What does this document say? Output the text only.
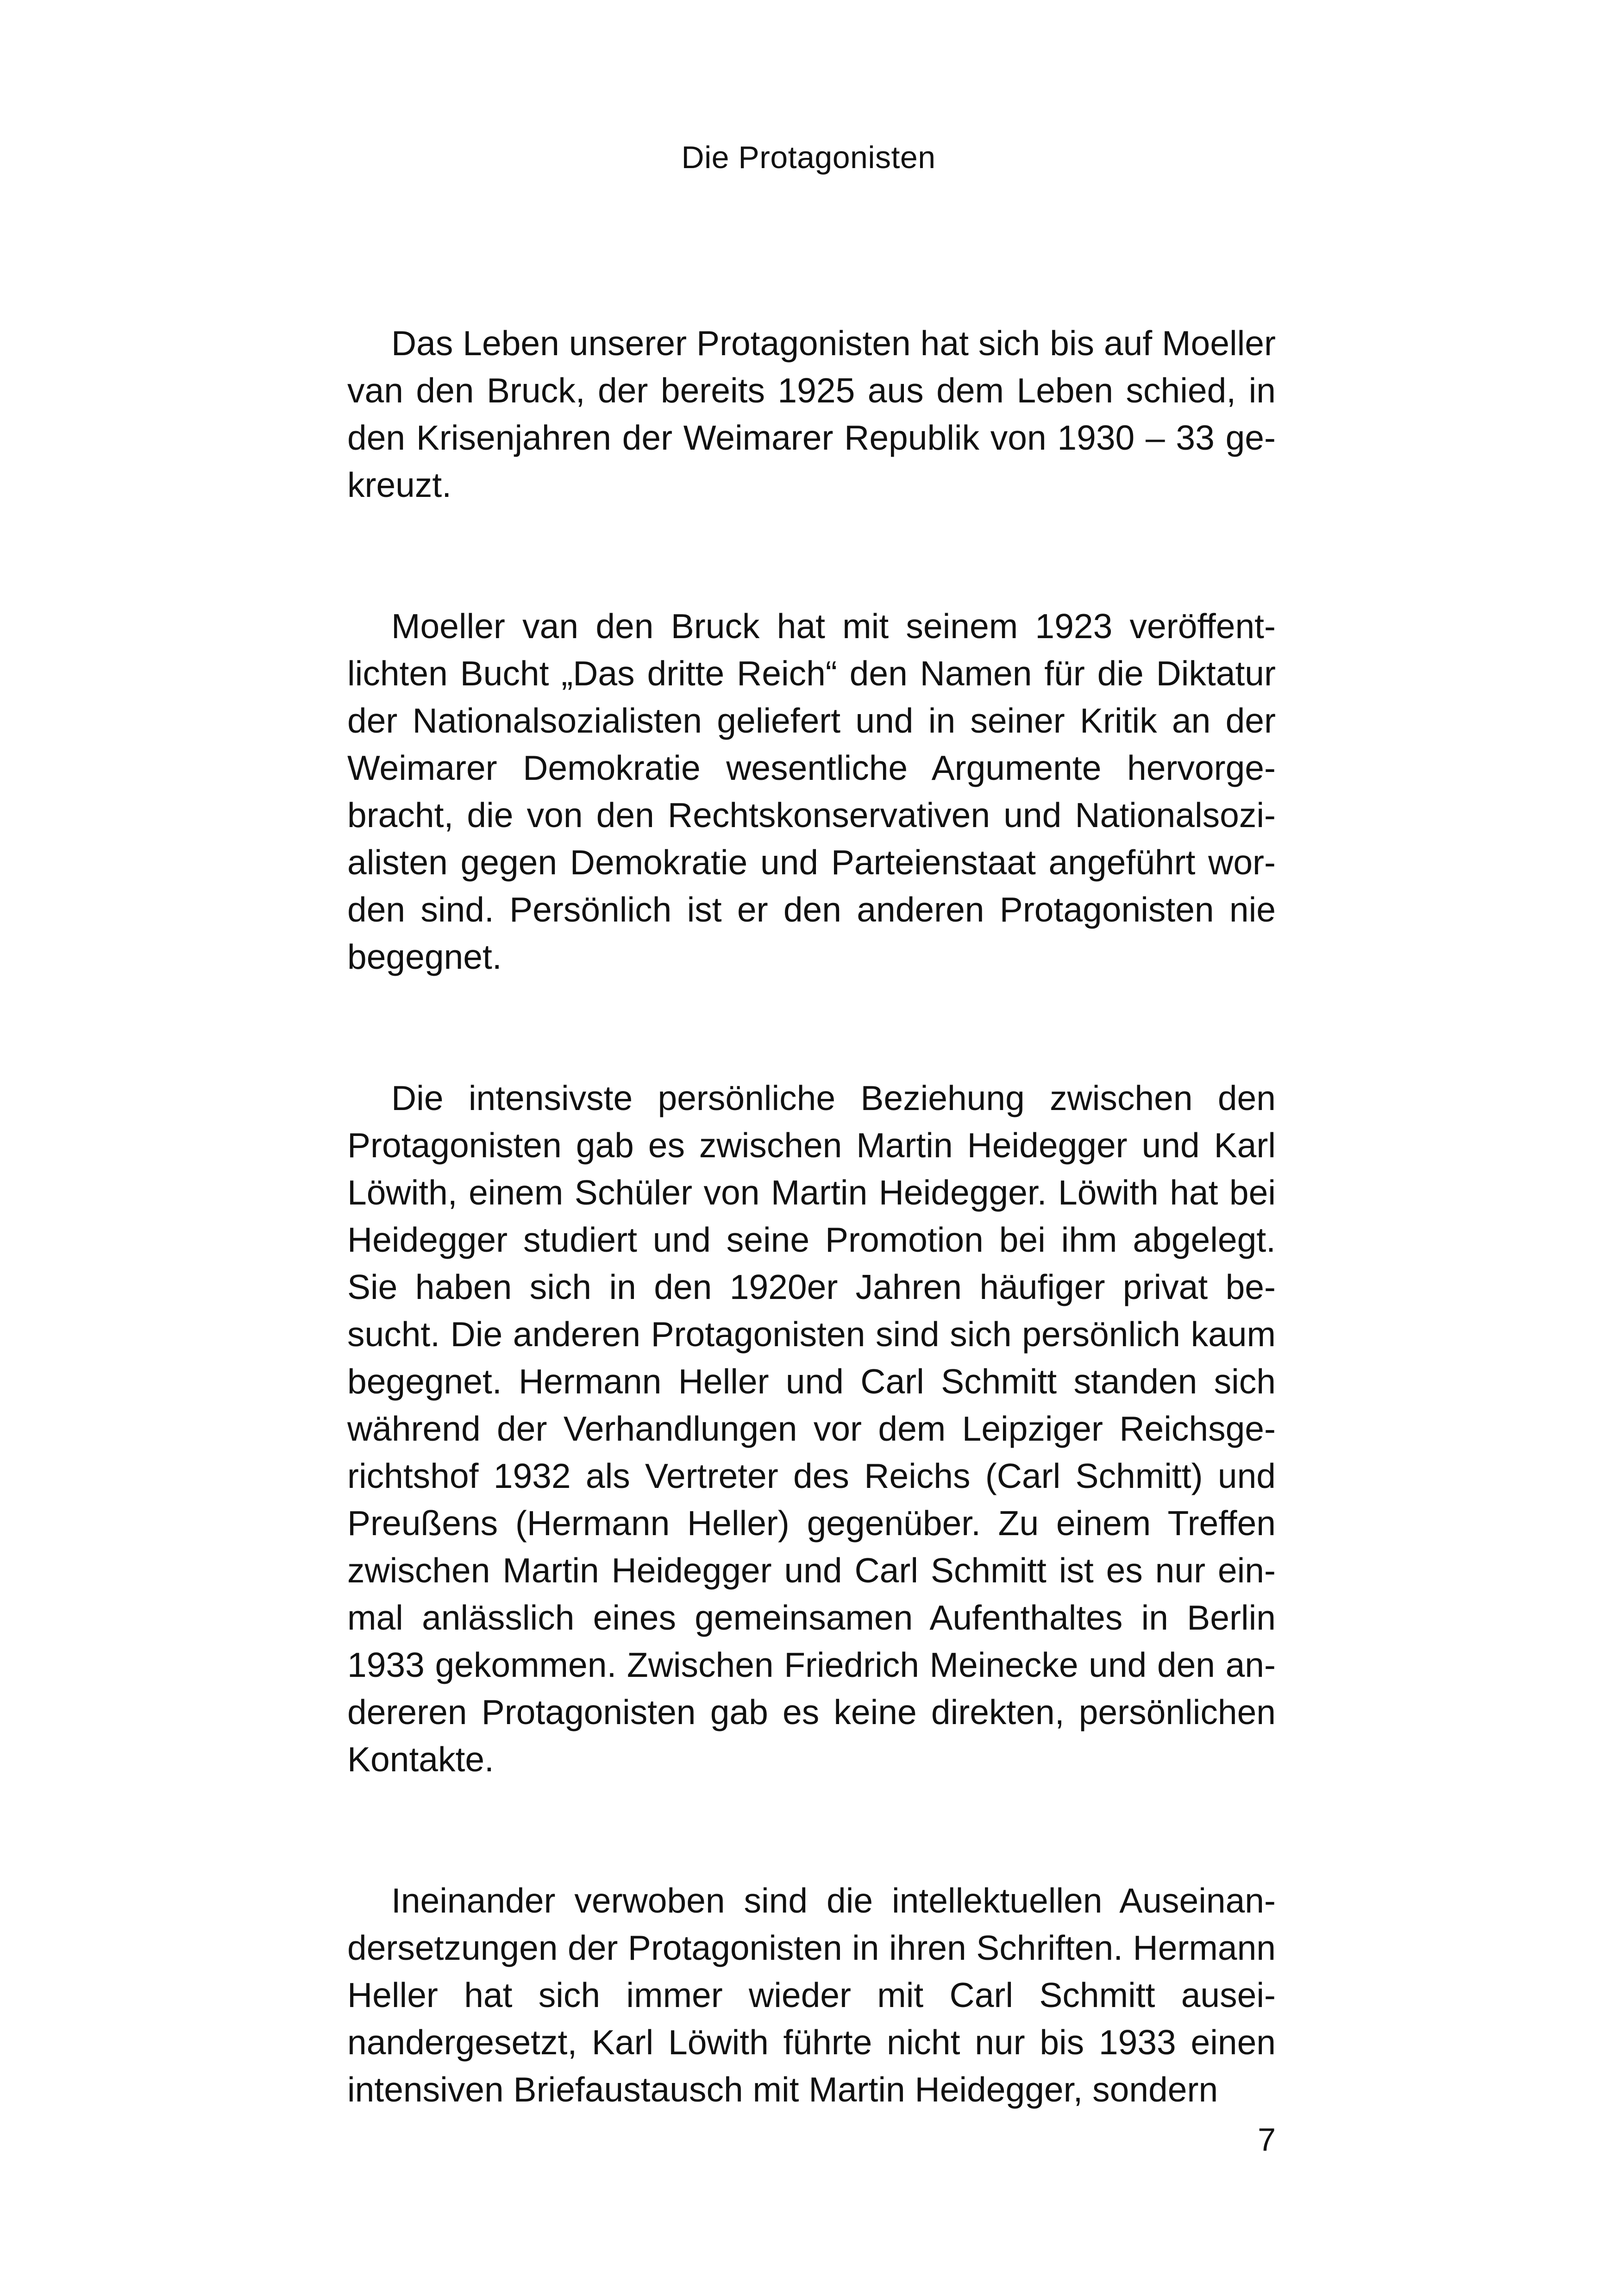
Die Protagonisten

Das Leben unserer Protagonisten hat sich bis auf Moeller van den Bruck, der bereits 1925 aus dem Leben schied, in den Krisenjahren der Weimarer Republik von 1930 – 33 gekreuzt.

Moeller van den Bruck hat mit seinem 1923 veröffentlichten Bucht „Das dritte Reich“ den Namen für die Diktatur der Nationalsozialisten geliefert und in seiner Kritik an der Weimarer Demokratie wesentliche Argumente hervorgebracht, die von den Rechtskonservativen und Nationalsozialisten gegen Demokratie und Parteienstaat angeführt worden sind. Persönlich ist er den anderen Protagonisten nie begegnet.

Die intensivste persönliche Beziehung zwischen den Protagonisten gab es zwischen Martin Heidegger und Karl Löwith, einem Schüler von Martin Heidegger. Löwith hat bei Heidegger studiert und seine Promotion bei ihm abgelegt. Sie haben sich in den 1920er Jahren häufiger privat besucht. Die anderen Protagonisten sind sich persönlich kaum begegnet. Hermann Heller und Carl Schmitt standen sich während der Verhandlungen vor dem Leipziger Reichsgerichtshof 1932 als Vertreter des Reichs (Carl Schmitt) und Preußens (Hermann Heller) gegenüber. Zu einem Treffen zwischen Martin Heidegger und Carl Schmitt ist es nur einmal anlässlich eines gemeinsamen Aufenthaltes in Berlin 1933 gekommen. Zwischen Friedrich Meinecke und den andereren Protagonisten gab es keine direkten, persönlichen Kontakte.

Ineinander verwoben sind die intellektuellen Auseinandersetzungen der Protagonisten in ihren Schriften. Hermann Heller hat sich immer wieder mit Carl Schmitt auseinandergesetzt, Karl Löwith führte nicht nur bis 1933 einen intensiven Briefaustausch mit Martin Heidegger, sondern

7
